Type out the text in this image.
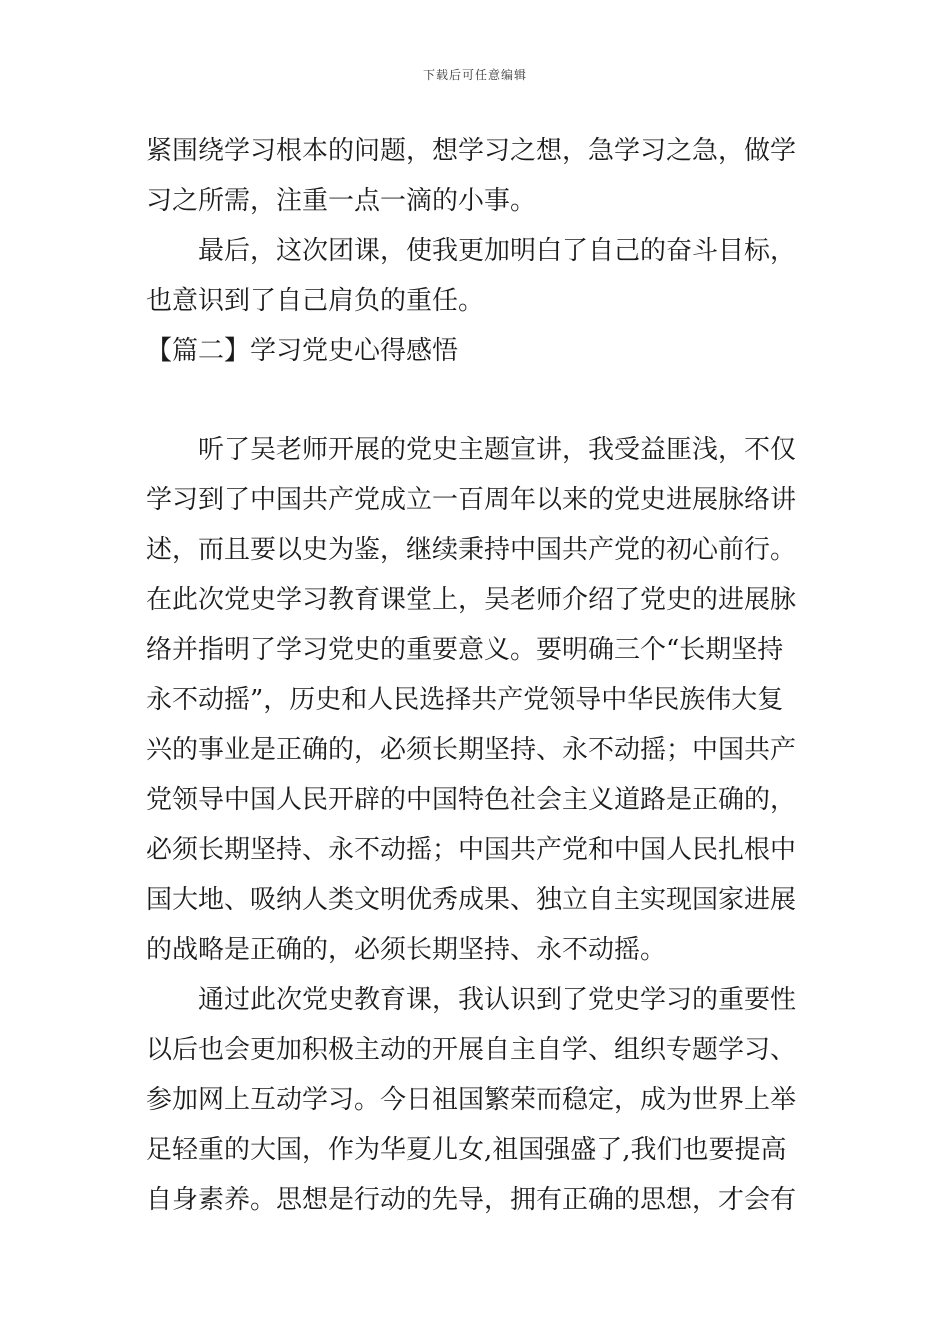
下载后可任意编辑
紧围绕学习根本的问题，想学习之想，急学习之急，做学
习之所需，注重一点一滴的小事。
最后，这次团课，使我更加明白了自己的奋斗目标，
也意识到了自己肩负的重任。
【篇二】学习党史心得感悟
听了吴老师开展的党史主题宣讲，我受益匪浅，不仅
学习到了中国共产党成立一百周年以来的党史进展脉络讲
述，而且要以史为鉴，继续秉持中国共产党的初心前行。
在此次党史学习教育课堂上，吴老师介绍了党史的进展脉
络并指明了学习党史的重要意义。要明确三个“长期坚持
永不动摇”，历史和人民选择共产党领导中华民族伟大复
兴的事业是正确的，必须长期坚持、永不动摇；中国共产
党领导中国人民开辟的中国特色社会主义道路是正确的，
必须长期坚持、永不动摇；中国共产党和中国人民扎根中
国大地、吸纳人类文明优秀成果、独立自主实现国家进展
的战略是正确的，必须长期坚持、永不动摇。
通过此次党史教育课，我认识到了党史学习的重要性
以后也会更加积极主动的开展自主自学、组织专题学习、
参加网上互动学习。今日祖国繁荣而稳定，成为世界上举
足轻重的大国，作为华夏儿女,祖国强盛了,我们也要提高
自身素养。思想是行动的先导，拥有正确的思想，才会有
